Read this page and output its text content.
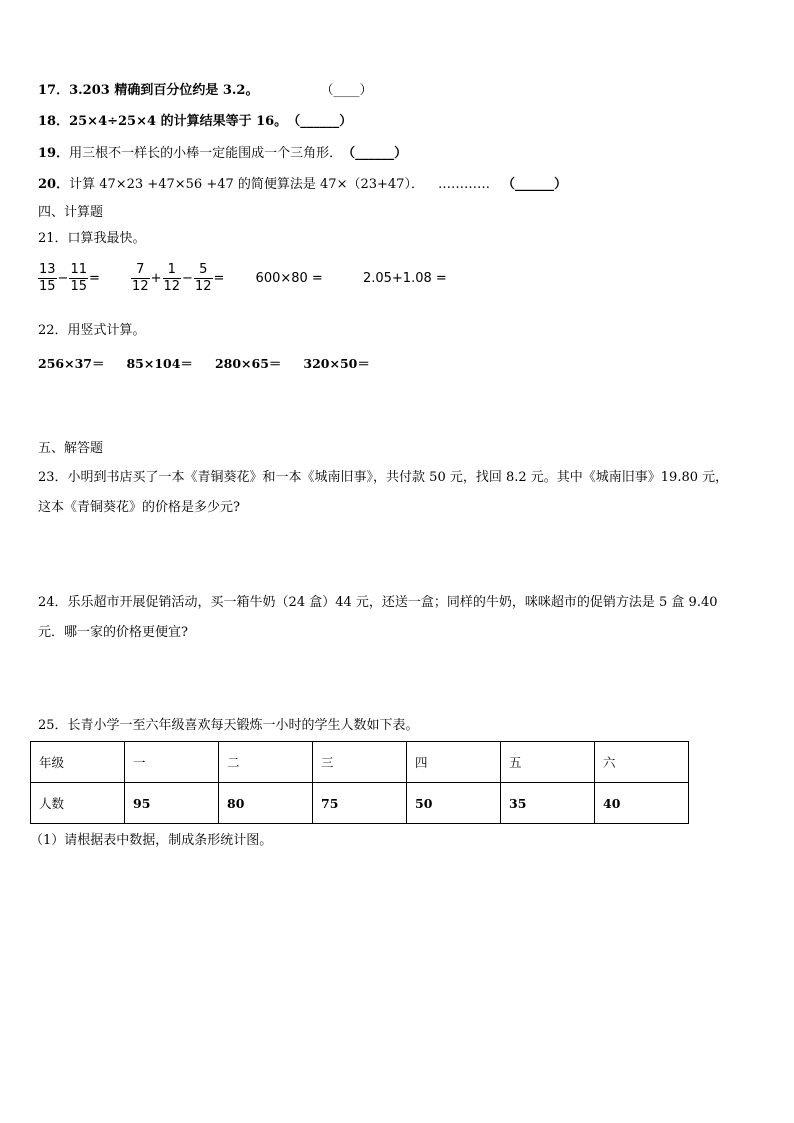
17．3.203 精确到百分位约是 3.2。	（____）
18．25×4÷25×4 的计算结果等于 16。（______）
19．用三根不一样长的小棒一定能围成一个三角形．（______）
20．计算 47×23 +47×56 +47 的简便算法是 47×（23+47）． ………… （______）
四、计算题
21．口算我最快。
$\frac{13}{15} - \frac{11}{15} = \frac{7}{12} + \frac{1}{12} - \frac{5}{12} = 600\times 80$ =	2.05+1.08 =
22．用竖式计算。
256×37＝ 85×104＝ 280×65＝ 320×50＝
五、解答题
23．小明到书店买了一本《青铜葵花》和一本《城南旧事》，共付款 50 元，找回 8.2 元。其中《城南旧事》19.80 元，
这本《青铜葵花》的价格是多少元?
24．乐乐超市开展促销活动，买一箱牛奶（24 盒）44 元，还送一盒；同样的牛奶，咪咪超市的促销方法是 5 盒 9.40
元．哪一家的价格更便宜?
25．长青小学一至六年级喜欢每天锻炼一小时的学生人数如下表。
年级	一	二	三	四	五	六
人数	95	80	75	50	35	40
（1）请根据表中数据，制成条形统计图。
